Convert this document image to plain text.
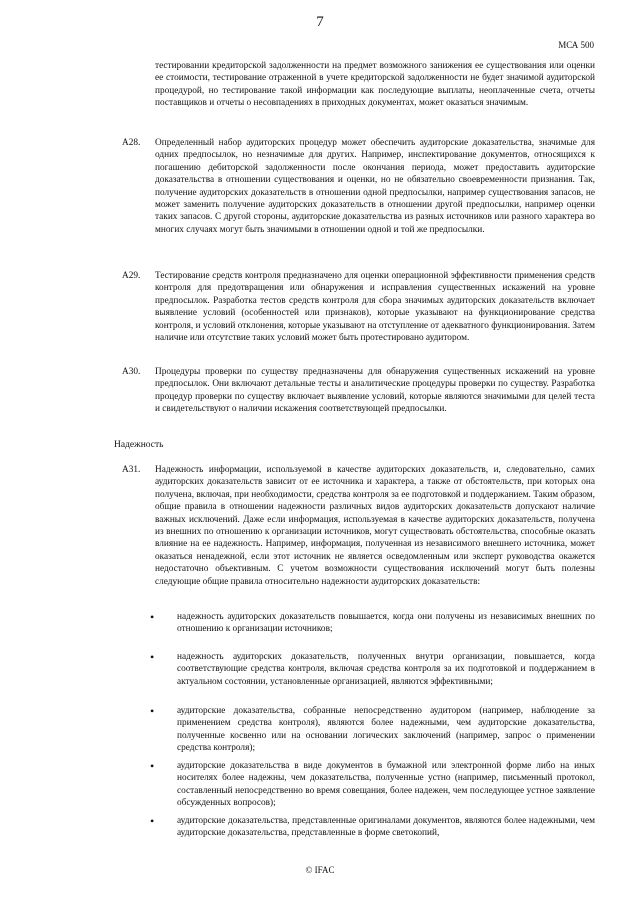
7
МСА 500
тестировании кредиторской задолженности на предмет возможного занижения ее существования или оценки ее стоимости, тестирование отраженной в учете кредиторской задолженности не будет значимой аудиторской процедурой, но тестирование такой информации как последующие выплаты, неоплаченные счета, отчеты поставщиков и отчеты о несовпадениях в приходных документах, может оказаться значимым.
A28. Определенный набор аудиторских процедур может обеспечить аудиторские доказательства, значимые для одних предпосылок, но незначимые для других. Например, инспектирование документов, относящихся к погашению дебиторской задолженности после окончания периода, может предоставить аудиторские доказательства в отношении существования и оценки, но не обязательно своевременности признания. Так, получение аудиторских доказательств в отношении одной предпосылки, например существования запасов, не может заменить получение аудиторских доказательств в отношении другой предпосылки, например оценки таких запасов. С другой стороны, аудиторские доказательства из разных источников или разного характера во многих случаях могут быть значимыми в отношении одной и той же предпосылки.
A29. Тестирование средств контроля предназначено для оценки операционной эффективности применения средств контроля для предотвращения или обнаружения и исправления существенных искажений на уровне предпосылок. Разработка тестов средств контроля для сбора значимых аудиторских доказательств включает выявление условий (особенностей или признаков), которые указывают на функционирование средства контроля, и условий отклонения, которые указывают на отступление от адекватного функционирования. Затем наличие или отсутствие таких условий может быть протестировано аудитором.
A30. Процедуры проверки по существу предназначены для обнаружения существенных искажений на уровне предпосылок. Они включают детальные тесты и аналитические процедуры проверки по существу. Разработка процедур проверки по существу включает выявление условий, которые являются значимыми для целей теста и свидетельствуют о наличии искажения соответствующей предпосылки.
Надежность
A31. Надежность информации, используемой в качестве аудиторских доказательств, и, следовательно, самих аудиторских доказательств зависит от ее источника и характера, а также от обстоятельств, при которых она получена, включая, при необходимости, средства контроля за ее подготовкой и поддержанием. Таким образом, общие правила в отношении надежности различных видов аудиторских доказательств допускают наличие важных исключений. Даже если информация, используемая в качестве аудиторских доказательств, получена из внешних по отношению к организации источников, могут существовать обстоятельства, способные оказать влияние на ее надежность. Например, информация, полученная из независимого внешнего источника, может оказаться ненадежной, если этот источник не является осведомленным или эксперт руководства окажется недостаточно объективным. С учетом возможности существования исключений могут быть полезны следующие общие правила относительно надежности аудиторских доказательств:
• надежность аудиторских доказательств повышается, когда они получены из независимых внешних по отношению к организации источников;
• надежность аудиторских доказательств, полученных внутри организации, повышается, когда соответствующие средства контроля, включая средства контроля за их подготовкой и поддержанием в актуальном состоянии, установленные организацией, являются эффективными;
• аудиторские доказательства, собранные непосредственно аудитором (например, наблюдение за применением средства контроля), являются более надежными, чем аудиторские доказательства, полученные косвенно или на основании логических заключений (например, запрос о применении средства контроля);
• аудиторские доказательства в виде документов в бумажной или электронной форме либо на иных носителях более надежны, чем доказательства, полученные устно (например, письменный протокол, составленный непосредственно во время совещания, более надежен, чем последующее устное заявление обсужденных вопросов);
• аудиторские доказательства, представленные оригиналами документов, являются более надежными, чем аудиторские доказательства, представленные в форме светокопий,
© IFAC
